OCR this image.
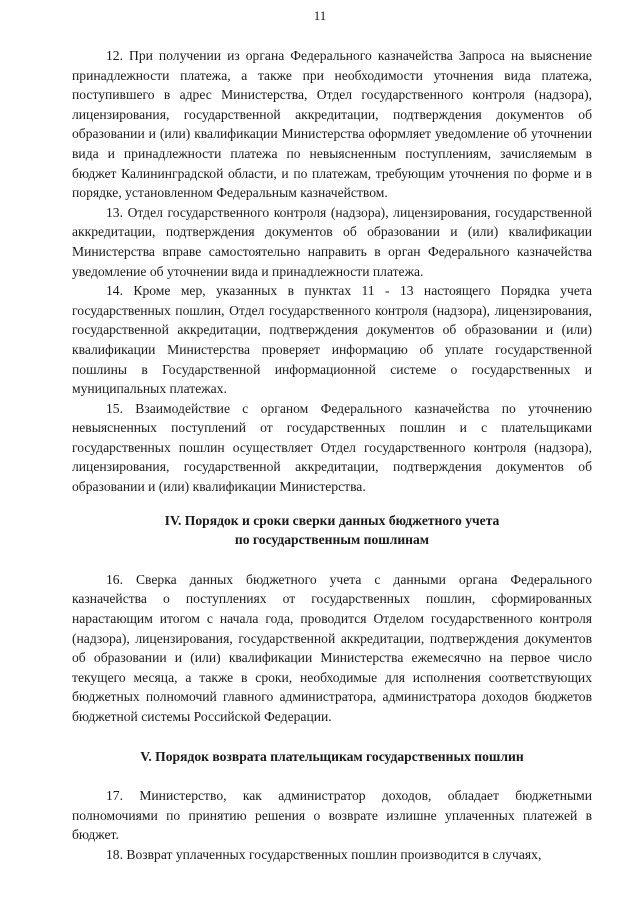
11

12. При получении из органа Федерального казначейства Запроса на выяснение принадлежности платежа, а также при необходимости уточнения вида платежа, поступившего в адрес Министерства, Отдел государственного контроля (надзора), лицензирования, государственной аккредитации, подтверждения документов об образовании и (или) квалификации Министерства оформляет уведомление об уточнении вида и принадлежности платежа по невыясненным поступлениям, зачисляемым в бюджет Калининградской области, и по платежам, требующим уточнения по форме и в порядке, установленном Федеральным казначейством.

13. Отдел государственного контроля (надзора), лицензирования, государственной аккредитации, подтверждения документов об образовании и (или) квалификации Министерства вправе самостоятельно направить в орган Федерального казначейства уведомление об уточнении вида и принадлежности платежа.

14. Кроме мер, указанных в пунктах 11 - 13 настоящего Порядка учета государственных пошлин, Отдел государственного контроля (надзора), лицензирования, государственной аккредитации, подтверждения документов об образовании и (или) квалификации Министерства проверяет информацию об уплате государственной пошлины в Государственной информационной системе о государственных и муниципальных платежах.

15. Взаимодействие с органом Федерального казначейства по уточнению невыясненных поступлений от государственных пошлин и с плательщиками государственных пошлин осуществляет Отдел государственного контроля (надзора), лицензирования, государственной аккредитации, подтверждения документов об образовании и (или) квалификации Министерства.

IV. Порядок и сроки сверки данных бюджетного учета
по государственным пошлинам

16. Сверка данных бюджетного учета с данными органа Федерального казначейства о поступлениях от государственных пошлин, сформированных нарастающим итогом с начала года, проводится Отделом государственного контроля (надзора), лицензирования, государственной аккредитации, подтверждения документов об образовании и (или) квалификации Министерства ежемесячно на первое число текущего месяца, а также в сроки, необходимые для исполнения соответствующих бюджетных полномочий главного администратора, администратора доходов бюджетов бюджетной системы Российской Федерации.

V. Порядок возврата плательщикам государственных пошлин

17. Министерство, как администратор доходов, обладает бюджетными полномочиями по принятию решения о возврате излишне уплаченных платежей в бюджет.

18. Возврат уплаченных государственных пошлин производится в случаях,
